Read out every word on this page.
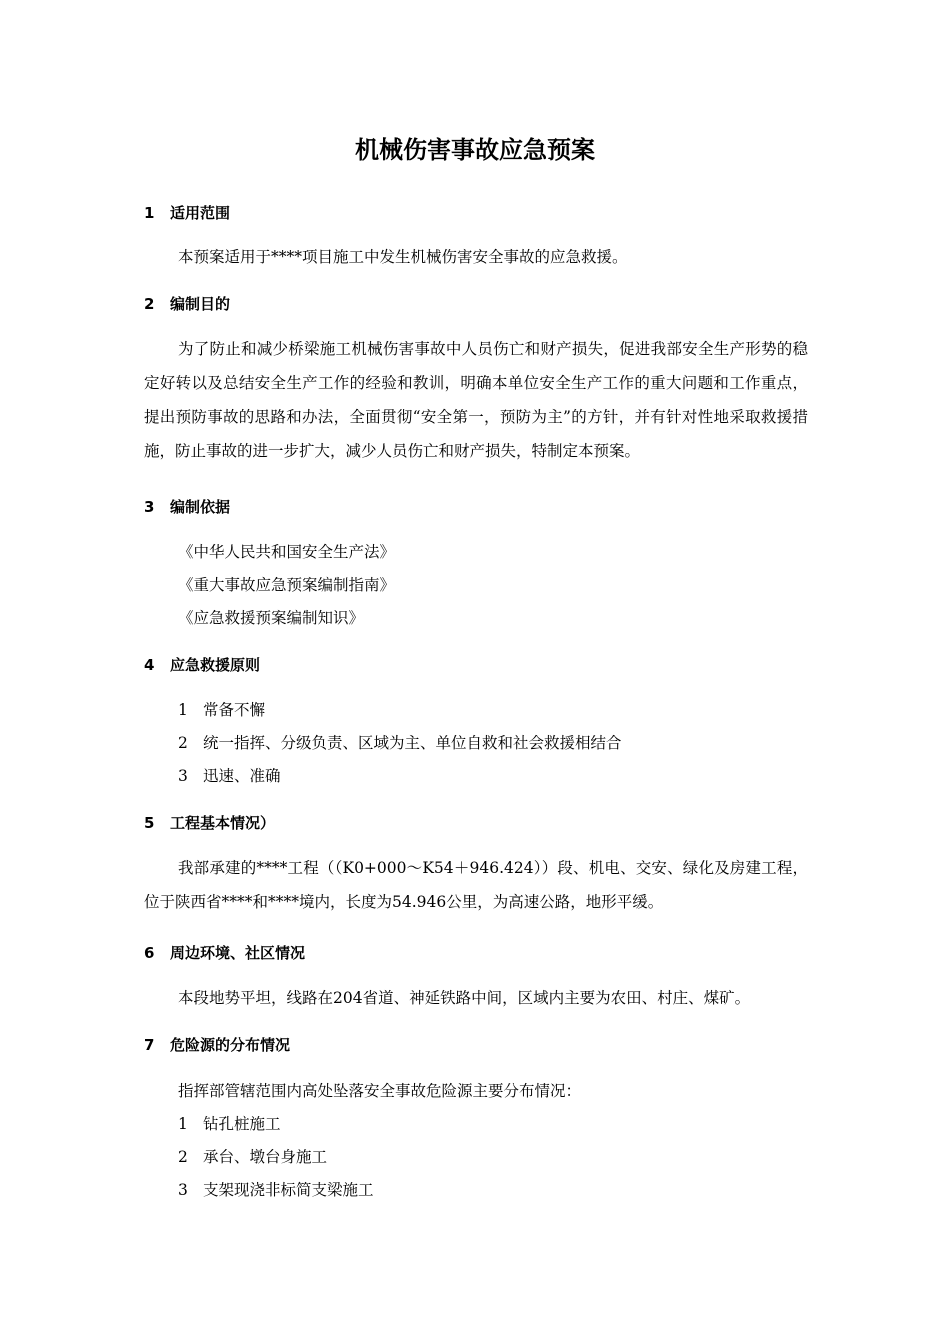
机械伤害事故应急预案
1 适用范围
本预案适用于****项目施工中发生机械伤害安全事故的应急救援。
2 编制目的
为了防止和减少桥梁施工机械伤害事故中人员伤亡和财产损失，促进我部安全生产形势的稳定好转以及总结安全生产工作的经验和教训，明确本单位安全生产工作的重大问题和工作重点，提出预防事故的思路和办法，全面贯彻“安全第一，预防为主”的方针，并有针对性地采取救援措施，防止事故的进一步扩大，减少人员伤亡和财产损失，特制定本预案。
3 编制依据
《中华人民共和国安全生产法》
《重大事故应急预案编制指南》
《应急救援预案编制知识》
4 应急救援原则
1 常备不懈
2 统一指挥、分级负责、区域为主、单位自救和社会救援相结合
3 迅速、准确
5 工程基本情况）
我部承建的****工程（（K0+000～K54＋946.424））段、机电、交安、绿化及房建工程，位于陕西省****和****境内，长度为54.946公里，为高速公路，地形平缓。
6 周边环境、社区情况
本段地势平坦，线路在204省道、神延铁路中间，区域内主要为农田、村庄、煤矿。
7 危险源的分布情况
指挥部管辖范围内高处坠落安全事故危险源主要分布情况：
1 钻孔桩施工
2 承台、墩台身施工
3 支架现浇非标简支梁施工
